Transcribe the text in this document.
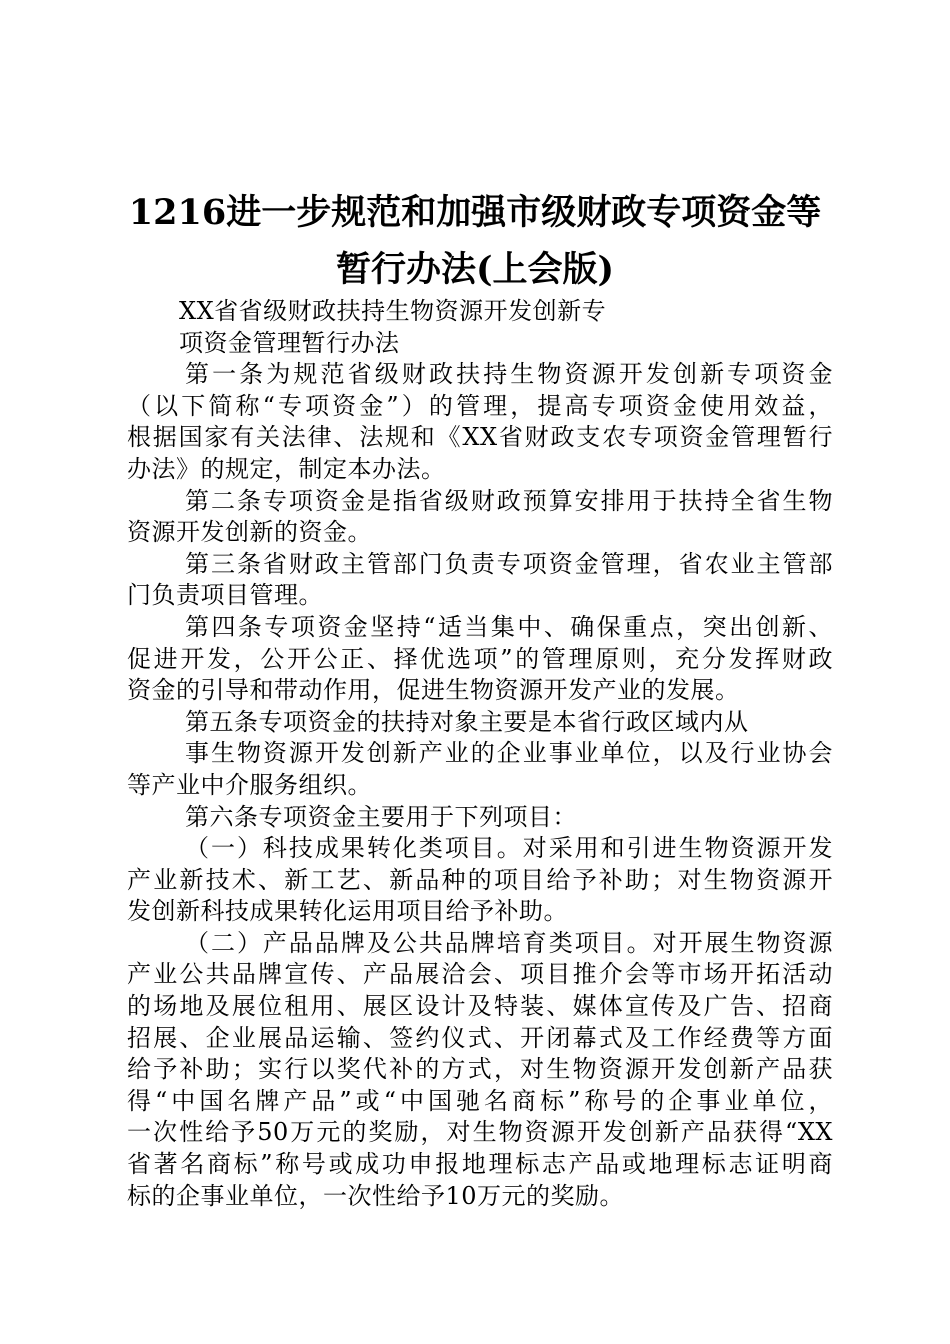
1216进一步规范和加强市级财政专项资金等
暂行办法(上会版)
XX省省级财政扶持生物资源开发创新专
项资金管理暂行办法
第一条为规范省级财政扶持生物资源开发创新专项资金
（以下简称“专项资金”）的管理，提高专项资金使用效益，
根据国家有关法律、法规和《XX省财政支农专项资金管理暂行
办法》的规定，制定本办法。
第二条专项资金是指省级财政预算安排用于扶持全省生物
资源开发创新的资金。
第三条省财政主管部门负责专项资金管理，省农业主管部
门负责项目管理。
第四条专项资金坚持“适当集中、确保重点，突出创新、
促进开发，公开公正、择优选项”的管理原则，充分发挥财政
资金的引导和带动作用，促进生物资源开发产业的发展。
第五条专项资金的扶持对象主要是本省行政区域内从
事生物资源开发创新产业的企业事业单位，以及行业协会
等产业中介服务组织。
第六条专项资金主要用于下列项目：
（一）科技成果转化类项目。对采用和引进生物资源开发
产业新技术、新工艺、新品种的项目给予补助；对生物资源开
发创新科技成果转化运用项目给予补助。
（二）产品品牌及公共品牌培育类项目。对开展生物资源
产业公共品牌宣传、产品展洽会、项目推介会等市场开拓活动
的场地及展位租用、展区设计及特装、媒体宣传及广告、招商
招展、企业展品运输、签约仪式、开闭幕式及工作经费等方面
给予补助；实行以奖代补的方式，对生物资源开发创新产品获
得“中国名牌产品”或“中国驰名商标”称号的企事业单位，
一次性给予50万元的奖励，对生物资源开发创新产品获得“XX
省著名商标”称号或成功申报地理标志产品或地理标志证明商
标的企事业单位，一次性给予10万元的奖励。
